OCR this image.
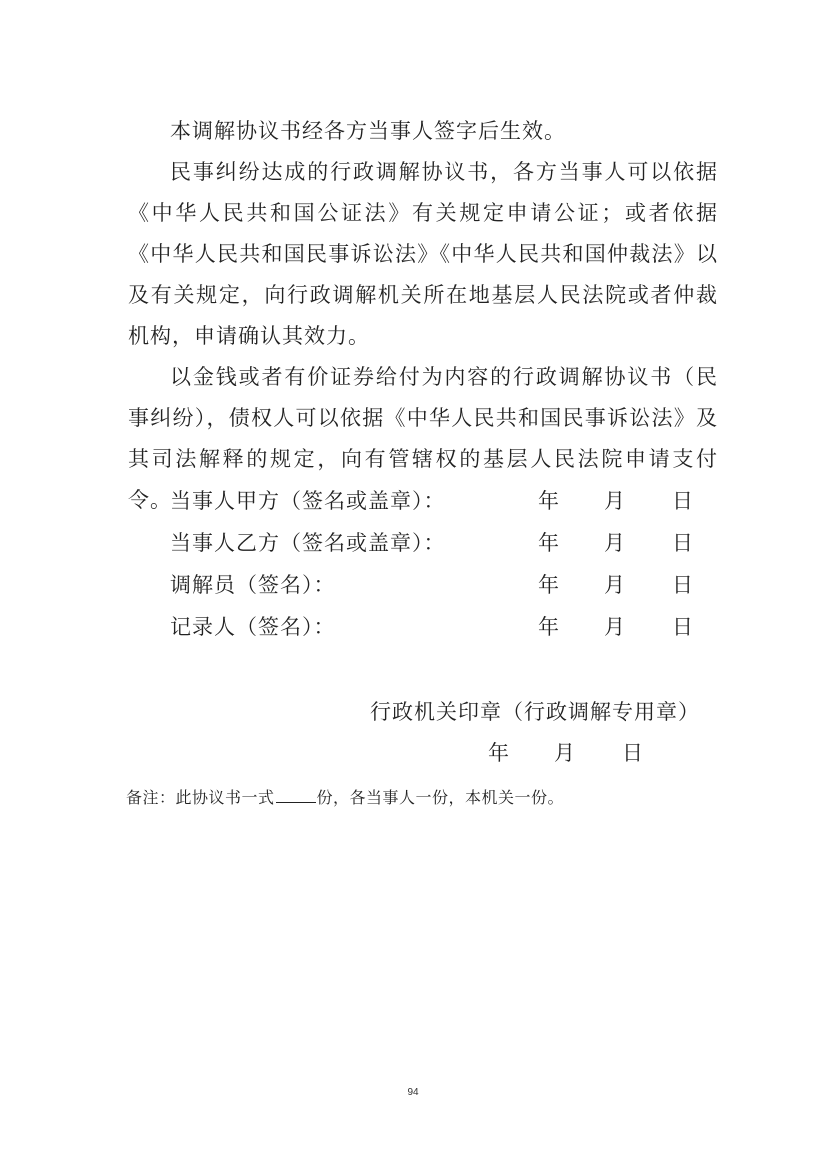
本调解协议书经各方当事人签字后生效。

民事纠纷达成的行政调解协议书，各方当事人可以依据《中华人民共和国公证法》有关规定申请公证；或者依据《中华人民共和国民事诉讼法》《中华人民共和国仲裁法》以及有关规定，向行政调解机关所在地基层人民法院或者仲裁机构，申请确认其效力。

以金钱或者有价证券给付为内容的行政调解协议书（民事纠纷），债权人可以依据《中华人民共和国民事诉讼法》及其司法解释的规定，向有管辖权的基层人民法院申请支付令。

当事人甲方（签名或盖章）：	年 月 日
当事人乙方（签名或盖章）：	年 月 日
调解员（签名）：	年 月 日
记录人（签名）：	年 月 日
行政机关印章（行政调解专用章）
年 月 日
备注：此协议书一式	份，各当事人一份，本机关一份。
94
